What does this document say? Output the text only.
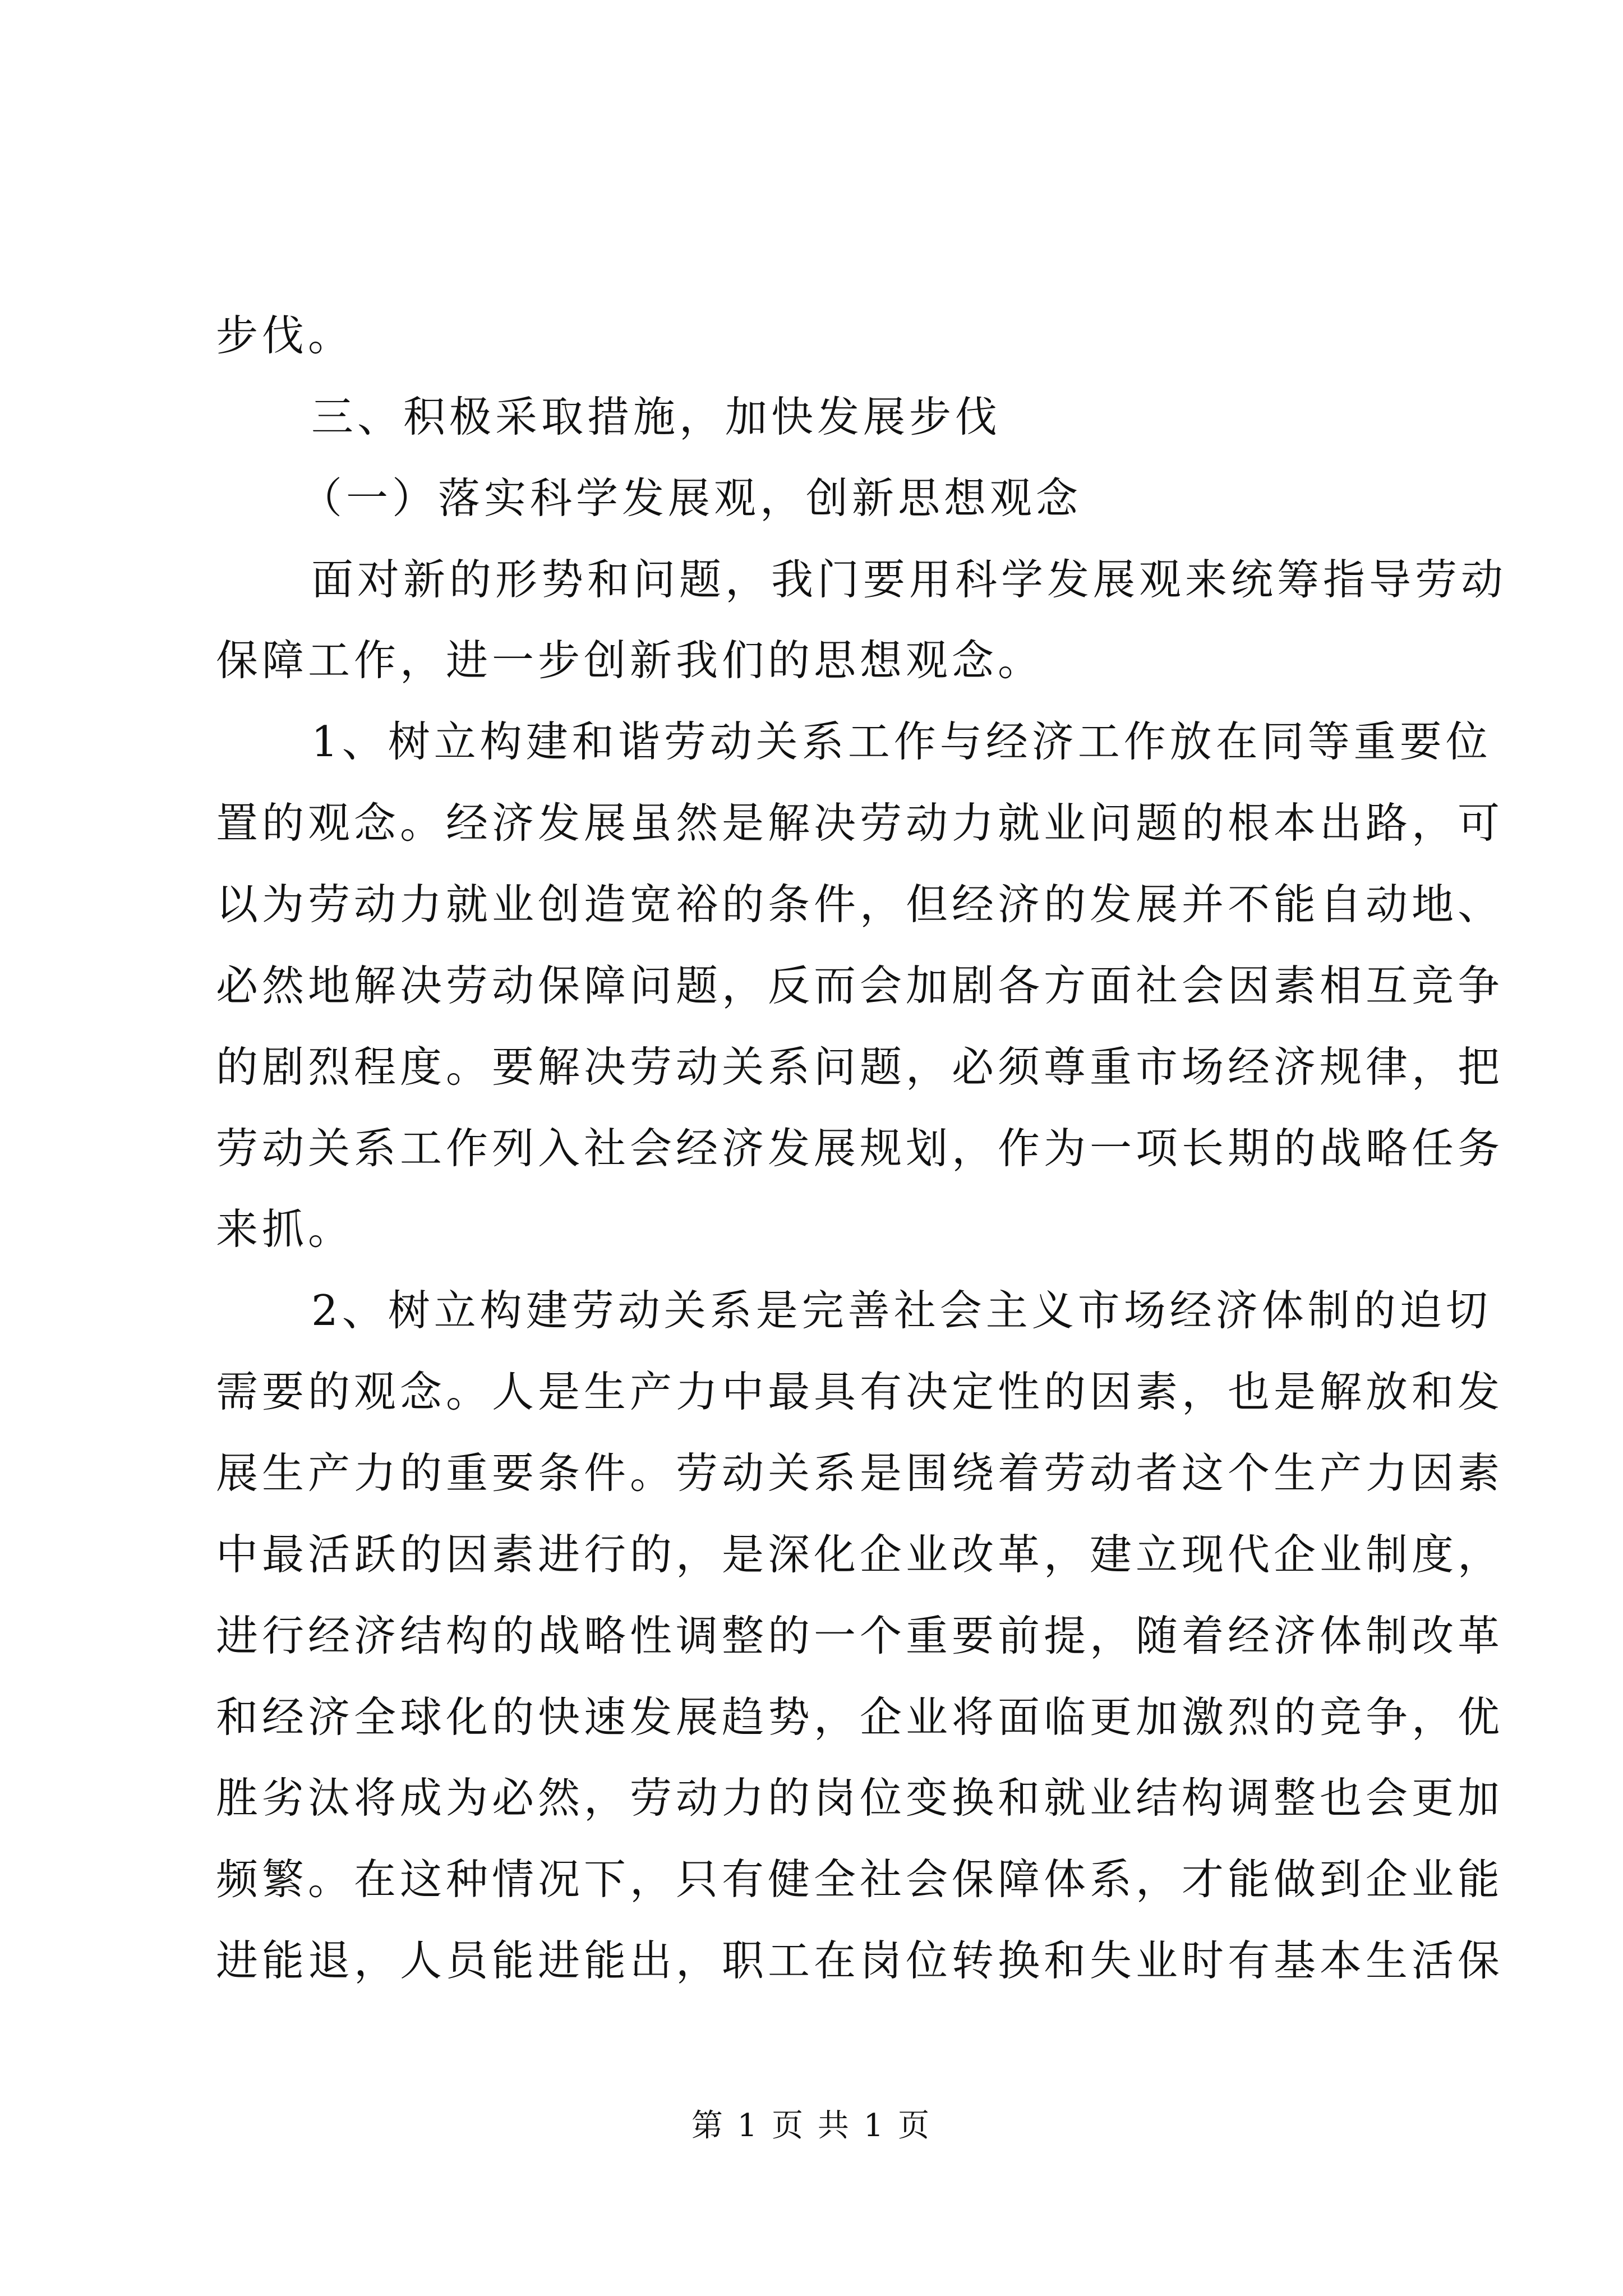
步伐。
三、积极采取措施，加快发展步伐
（一）落实科学发展观，创新思想观念
面对新的形势和问题，我门要用科学发展观来统筹指导劳动
保障工作，进一步创新我们的思想观念。
1、树立构建和谐劳动关系工作与经济工作放在同等重要位
置的观念。经济发展虽然是解决劳动力就业问题的根本出路，可
以为劳动力就业创造宽裕的条件，但经济的发展并不能自动地、
必然地解决劳动保障问题，反而会加剧各方面社会因素相互竞争
的剧烈程度。要解决劳动关系问题，必须尊重市场经济规律，把
劳动关系工作列入社会经济发展规划，作为一项长期的战略任务
来抓。
2、树立构建劳动关系是完善社会主义市场经济体制的迫切
需要的观念。人是生产力中最具有决定性的因素，也是解放和发
展生产力的重要条件。劳动关系是围绕着劳动者这个生产力因素
中最活跃的因素进行的，是深化企业改革，建立现代企业制度，
进行经济结构的战略性调整的一个重要前提，随着经济体制改革
和经济全球化的快速发展趋势，企业将面临更加激烈的竞争，优
胜劣汰将成为必然，劳动力的岗位变换和就业结构调整也会更加
频繁。在这种情况下，只有健全社会保障体系，才能做到企业能
进能退，人员能进能出，职工在岗位转换和失业时有基本生活保
第 1 页 共 1 页
